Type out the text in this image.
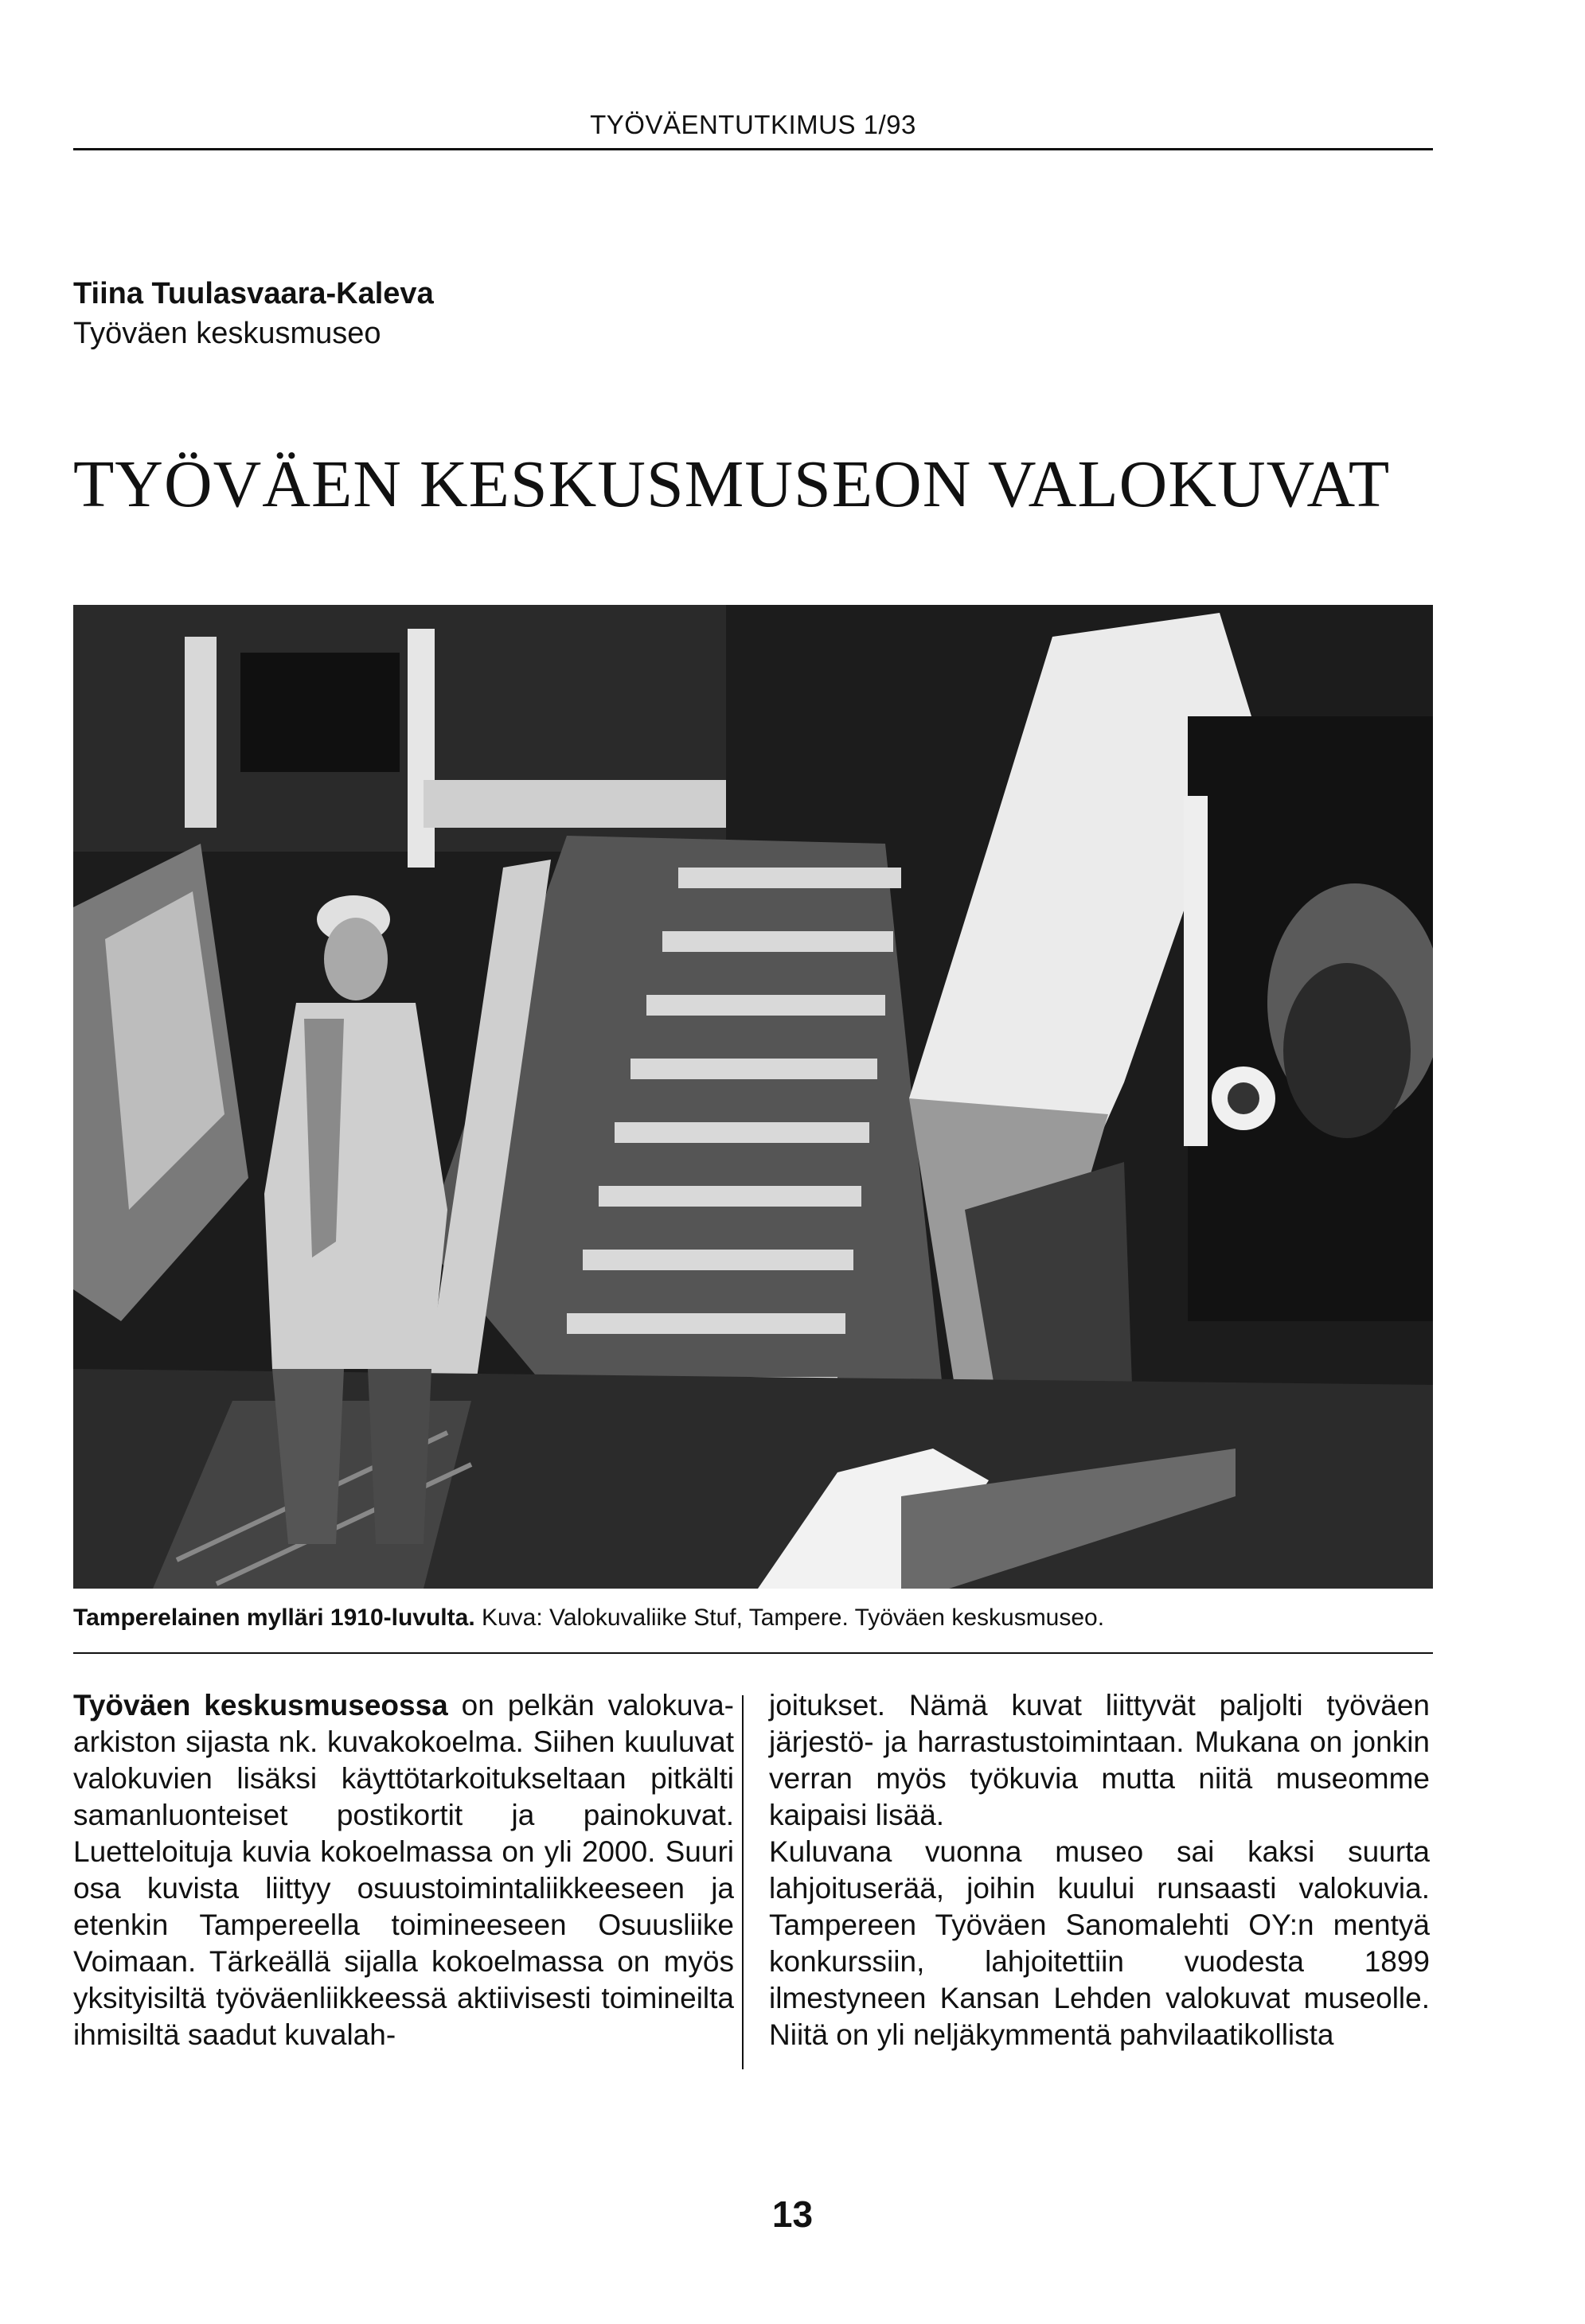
TYÖVÄENTUTKIMUS 1/93
Tiina Tuulasvaara-Kaleva
Työväen keskusmuseo
TYÖVÄEN KESKUSMUSEON VALOKUVAT
Tamperelainen mylläri 1910-luvulta. Kuva: Valokuvaliike Stuf, Tampere. Työväen keskusmuseo.
Työväen keskusmuseossa on pelkän valokuva-arkiston sijasta nk. kuvakokoelma. Siihen kuuluvat valokuvien lisäksi käyttötarkoitukseltaan pitkälti samanluonteiset postikortit ja painokuvat. Luetteloituja kuvia kokoelmassa on yli 2000. Suuri osa kuvista liittyy osuustoimintaliikkeeseen ja etenkin Tampereella toimineeseen Osuusliike Voimaan. Tärkeällä sijalla kokoelmassa on myös yksityisiltä työväenliikkeessä aktiivisesti toimineilta ihmisiltä saadut kuvalah-
joitukset. Nämä kuvat liittyvät paljolti työväen järjestö- ja harrastustoimintaan. Mukana on jonkin verran myös työkuvia mutta niitä museomme kaipaisi lisää.
Kuluvana vuonna museo sai kaksi suurta lahjoituserää, joihin kuului runsaasti valokuvia. Tampereen Työväen Sanomalehti OY:n mentyä konkurssiin, lahjoitettiin vuodesta 1899 ilmestyneen Kansan Lehden valokuvat museolle. Niitä on yli neljäkymmentä pahvilaatikollista
13
